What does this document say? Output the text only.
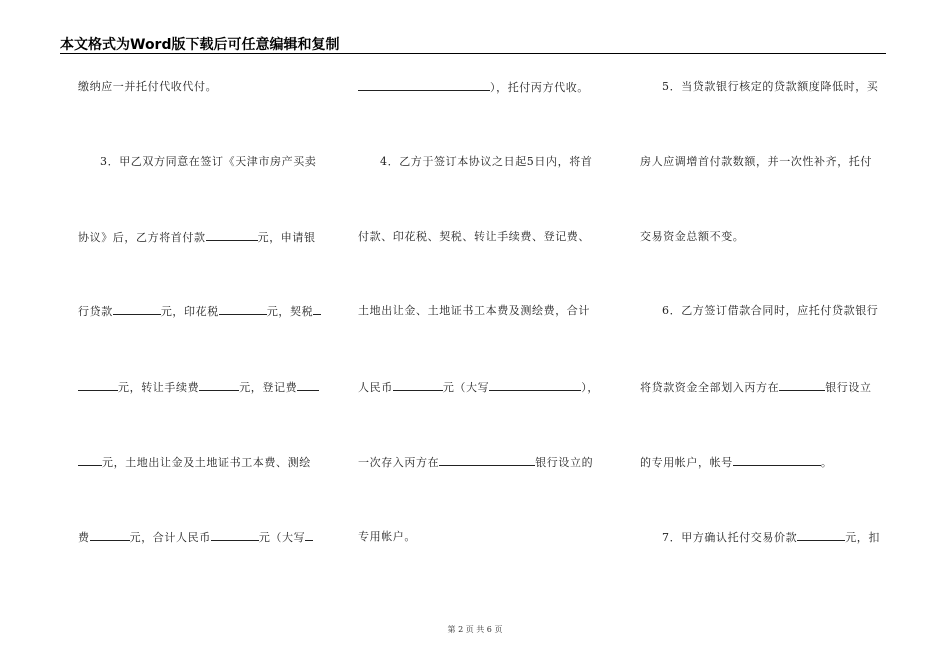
本文格式为Word版下载后可任意编辑和复制
缴纳应一并托付代收代付。
3．甲乙双方同意在签订《天津市房产买卖
协议》后，乙方将首付款	元，申请银
行贷款	元，印花税	元，契税
元，转让手续费	元，登记费
元，土地出让金及土地证书工本费、测绘
费	元，合计人民币	元（大写
），托付丙方代收。
4．乙方于签订本协议之日起5日内，将首
付款、印花税、契税、转让手续费、登记费、
土地出让金、土地证书工本费及测绘费，合计
人民币	元（大写	），
一次存入丙方在	银行设立的
专用帐户。
5．当贷款银行核定的贷款额度降低时，买
房人应调增首付款数额，并一次性补齐，托付
交易资金总额不变。
6．乙方签订借款合同时，应托付贷款银行
将贷款资金全部划入丙方在	银行设立
的专用帐户，帐号	。
7．甲方确认托付交易价款	元，扣
第 2 页 共 6 页
